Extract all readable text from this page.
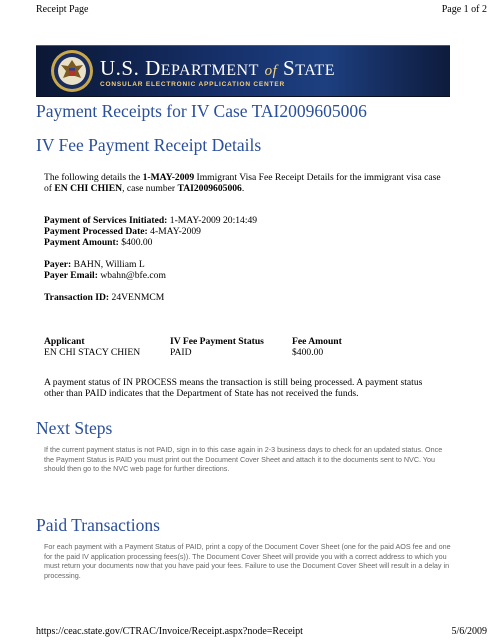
Receipt Page	Page 1 of 2
U.S. DEPARTMENT of STATE
CONSULAR ELECTRONIC APPLICATION CENTER
Payment Receipts for IV Case TAI2009605006
IV Fee Payment Receipt Details
The following details the 1-MAY-2009 Immigrant Visa Fee Receipt Details for the immigrant visa case of EN CHI CHIEN, case number TAI2009605006.
Payment of Services Initiated: 1-MAY-2009 20:14:49
Payment Processed Date: 4-MAY-2009
Payment Amount: $400.00
Payer: BAHN, William L
Payer Email: wbahn@bfe.com
Transaction ID: 24VENMCM
Applicant	IV Fee Payment Status	Fee Amount
EN CHI STACY CHIEN	PAID	$400.00
A payment status of IN PROCESS means the transaction is still being processed. A payment status other than PAID indicates that the Department of State has not received the funds.
Next Steps
If the current payment status is not PAID, sign in to this case again in 2-3 business days to check for an updated status. Once the Payment Status is PAID you must print out the Document Cover Sheet and attach it to the documents sent to NVC. You should then go to the NVC web page for further directions.
Paid Transactions
For each payment with a Payment Status of PAID, print a copy of the Document Cover Sheet (one for the paid AOS fee and one for the paid IV application processing fees(s)). The Document Cover Sheet will provide you with a correct address to which you must return your documents now that you have paid your fees. Failure to use the Document Cover Sheet will result in a delay in processing.
https://ceac.state.gov/CTRAC/Invoice/Receipt.aspx?node=Receipt	5/6/2009
